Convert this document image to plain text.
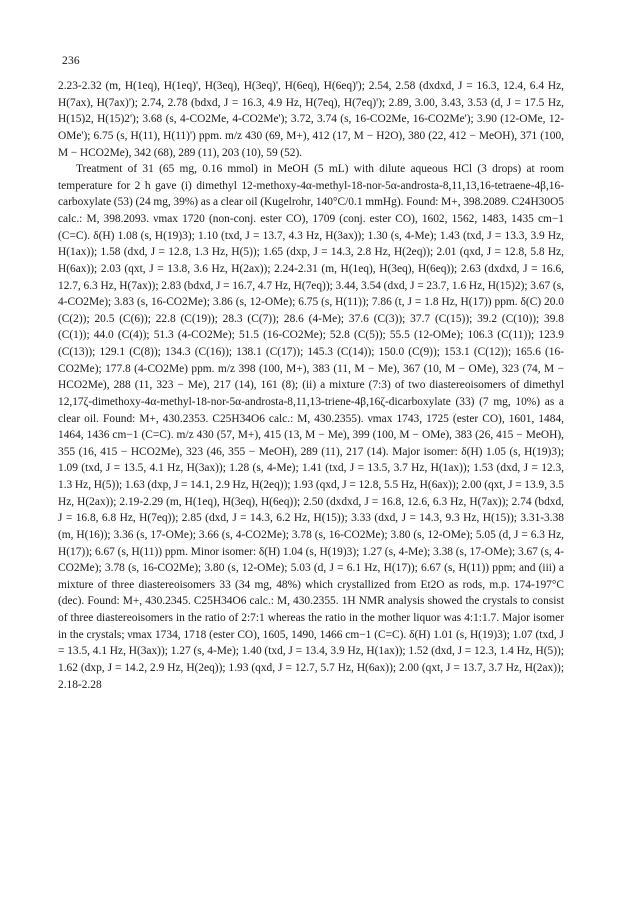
236

2.23-2.32 (m, H(1eq), H(1eq)', H(3eq), H(3eq)', H(6eq), H(6eq)'); 2.54, 2.58 (dxdxd, J = 16.3, 12.4, 6.4 Hz, H(7ax), H(7ax)'); 2.74, 2.78 (bdxd, J = 16.3, 4.9 Hz, H(7eq), H(7eq)'); 2.89, 3.00, 3.43, 3.53 (d, J = 17.5 Hz, H(15)2, H(15)2'); 3.68 (s, 4-CO2Me, 4-CO2Me'); 3.72, 3.74 (s, 16-CO2Me, 16-CO2Me'); 3.90 (12-OMe, 12-OMe'); 6.75 (s, H(11), H(11)') ppm. m/z 430 (69, M+), 412 (17, M − H2O), 380 (22, 412 − MeOH), 371 (100, M − HCO2Me), 342 (68), 289 (11), 203 (10), 59 (52).

Treatment of 31 (65 mg, 0.16 mmol) in MeOH (5 mL) with dilute aqueous HCl (3 drops) at room temperature for 2 h gave (i) dimethyl 12-methoxy-4α-methyl-18-nor-5α-androsta-8,11,13,16-tetraene-4β,16-carboxylate (53) (24 mg, 39%) as a clear oil (Kugelrohr, 140°C/0.1 mmHg). Found: M+, 398.2089. C24H30O5 calc.: M, 398.2093. νmax 1720 (non-conj. ester CO), 1709 (conj. ester CO), 1602, 1562, 1483, 1435 cm−1 (C=C). δ(H) 1.08 (s, H(19)3); 1.10 (txd, J = 13.7, 4.3 Hz, H(3ax)); 1.30 (s, 4-Me); 1.43 (txd, J = 13.3, 3.9 Hz, H(1ax)); 1.58 (dxd, J = 12.8, 1.3 Hz, H(5)); 1.65 (dxp, J = 14.3, 2.8 Hz, H(2eq)); 2.01 (qxd, J = 12.8, 5.8 Hz, H(6ax)); 2.03 (qxt, J = 13.8, 3.6 Hz, H(2ax)); 2.24-2.31 (m, H(1eq), H(3eq), H(6eq)); 2.63 (dxdxd, J = 16.6, 12.7, 6.3 Hz, H(7ax)); 2.83 (bdxd, J = 16.7, 4.7 Hz, H(7eq)); 3.44, 3.54 (dxd, J = 23.7, 1.6 Hz, H(15)2); 3.67 (s, 4-CO2Me); 3.83 (s, 16-CO2Me); 3.86 (s, 12-OMe); 6.75 (s, H(11)); 7.86 (t, J = 1.8 Hz, H(17)) ppm. δ(C) 20.0 (C(2)); 20.5 (C(6)); 22.8 (C(19)); 28.3 (C(7)); 28.6 (4-Me); 37.6 (C(3)); 37.7 (C(15)); 39.2 (C(10)); 39.8 (C(1)); 44.0 (C(4)); 51.3 (4-CO2Me); 51.5 (16-CO2Me); 52.8 (C(5)); 55.5 (12-OMe); 106.3 (C(11)); 123.9 (C(13)); 129.1 (C(8)); 134.3 (C(16)); 138.1 (C(17)); 145.3 (C(14)); 150.0 (C(9)); 153.1 (C(12)); 165.6 (16-CO2Me); 177.8 (4-CO2Me) ppm. m/z 398 (100, M+), 383 (11, M − Me), 367 (10, M − OMe), 323 (74, M − HCO2Me), 288 (11, 323 − Me), 217 (14), 161 (8); (ii) a mixture (7:3) of two diastereoisomers of dimethyl 12,17ζ-dimethoxy-4α-methyl-18-nor-5α-androsta-8,11,13-triene-4β,16ζ-dicarboxylate (33) (7 mg, 10%) as a clear oil. Found: M+, 430.2353. C25H34O6 calc.: M, 430.2355). νmax 1743, 1725 (ester CO), 1601, 1484, 1464, 1436 cm−1 (C=C). m/z 430 (57, M+), 415 (13, M − Me), 399 (100, M − OMe), 383 (26, 415 − MeOH), 355 (16, 415 − HCO2Me), 323 (46, 355 − MeOH), 289 (11), 217 (14). Major isomer: δ(H) 1.05 (s, H(19)3); 1.09 (txd, J = 13.5, 4.1 Hz, H(3ax)); 1.28 (s, 4-Me); 1.41 (txd, J = 13.5, 3.7 Hz, H(1ax)); 1.53 (dxd, J = 12.3, 1.3 Hz, H(5)); 1.63 (dxp, J = 14.1, 2.9 Hz, H(2eq)); 1.93 (qxd, J = 12.8, 5.5 Hz, H(6ax)); 2.00 (qxt, J = 13.9, 3.5 Hz, H(2ax)); 2.19-2.29 (m, H(1eq), H(3eq), H(6eq)); 2.50 (dxdxd, J = 16.8, 12.6, 6.3 Hz, H(7ax)); 2.74 (bdxd, J = 16.8, 6.8 Hz, H(7eq)); 2.85 (dxd, J = 14.3, 6.2 Hz, H(15)); 3.33 (dxd, J = 14.3, 9.3 Hz, H(15)); 3.31-3.38 (m, H(16)); 3.36 (s, 17-OMe); 3.66 (s, 4-CO2Me); 3.78 (s, 16-CO2Me); 3.80 (s, 12-OMe); 5.05 (d, J = 6.3 Hz, H(17)); 6.67 (s, H(11)) ppm. Minor isomer: δ(H) 1.04 (s, H(19)3); 1.27 (s, 4-Me); 3.38 (s, 17-OMe); 3.67 (s, 4-CO2Me); 3.78 (s, 16-CO2Me); 3.80 (s, 12-OMe); 5.03 (d, J = 6.1 Hz, H(17)); 6.67 (s, H(11)) ppm; and (iii) a mixture of three diastereoisomers 33 (34 mg, 48%) which crystallized from Et2O as rods, m.p. 174-197°C (dec). Found: M+, 430.2345. C25H34O6 calc.: M, 430.2355. 1H NMR analysis showed the crystals to consist of three diastereoisomers in the ratio of 2:7:1 whereas the ratio in the mother liquor was 4:1:1.7. Major isomer in the crystals; νmax 1734, 1718 (ester CO), 1605, 1490, 1466 cm−1 (C=C). δ(H) 1.01 (s, H(19)3); 1.07 (txd, J = 13.5, 4.1 Hz, H(3ax)); 1.27 (s, 4-Me); 1.40 (txd, J = 13.4, 3.9 Hz, H(1ax)); 1.52 (dxd, J = 12.3, 1.4 Hz, H(5)); 1.62 (dxp, J = 14.2, 2.9 Hz, H(2eq)); 1.93 (qxd, J = 12.7, 5.7 Hz, H(6ax)); 2.00 (qxt, J = 13.7, 3.7 Hz, H(2ax)); 2.18-2.28
